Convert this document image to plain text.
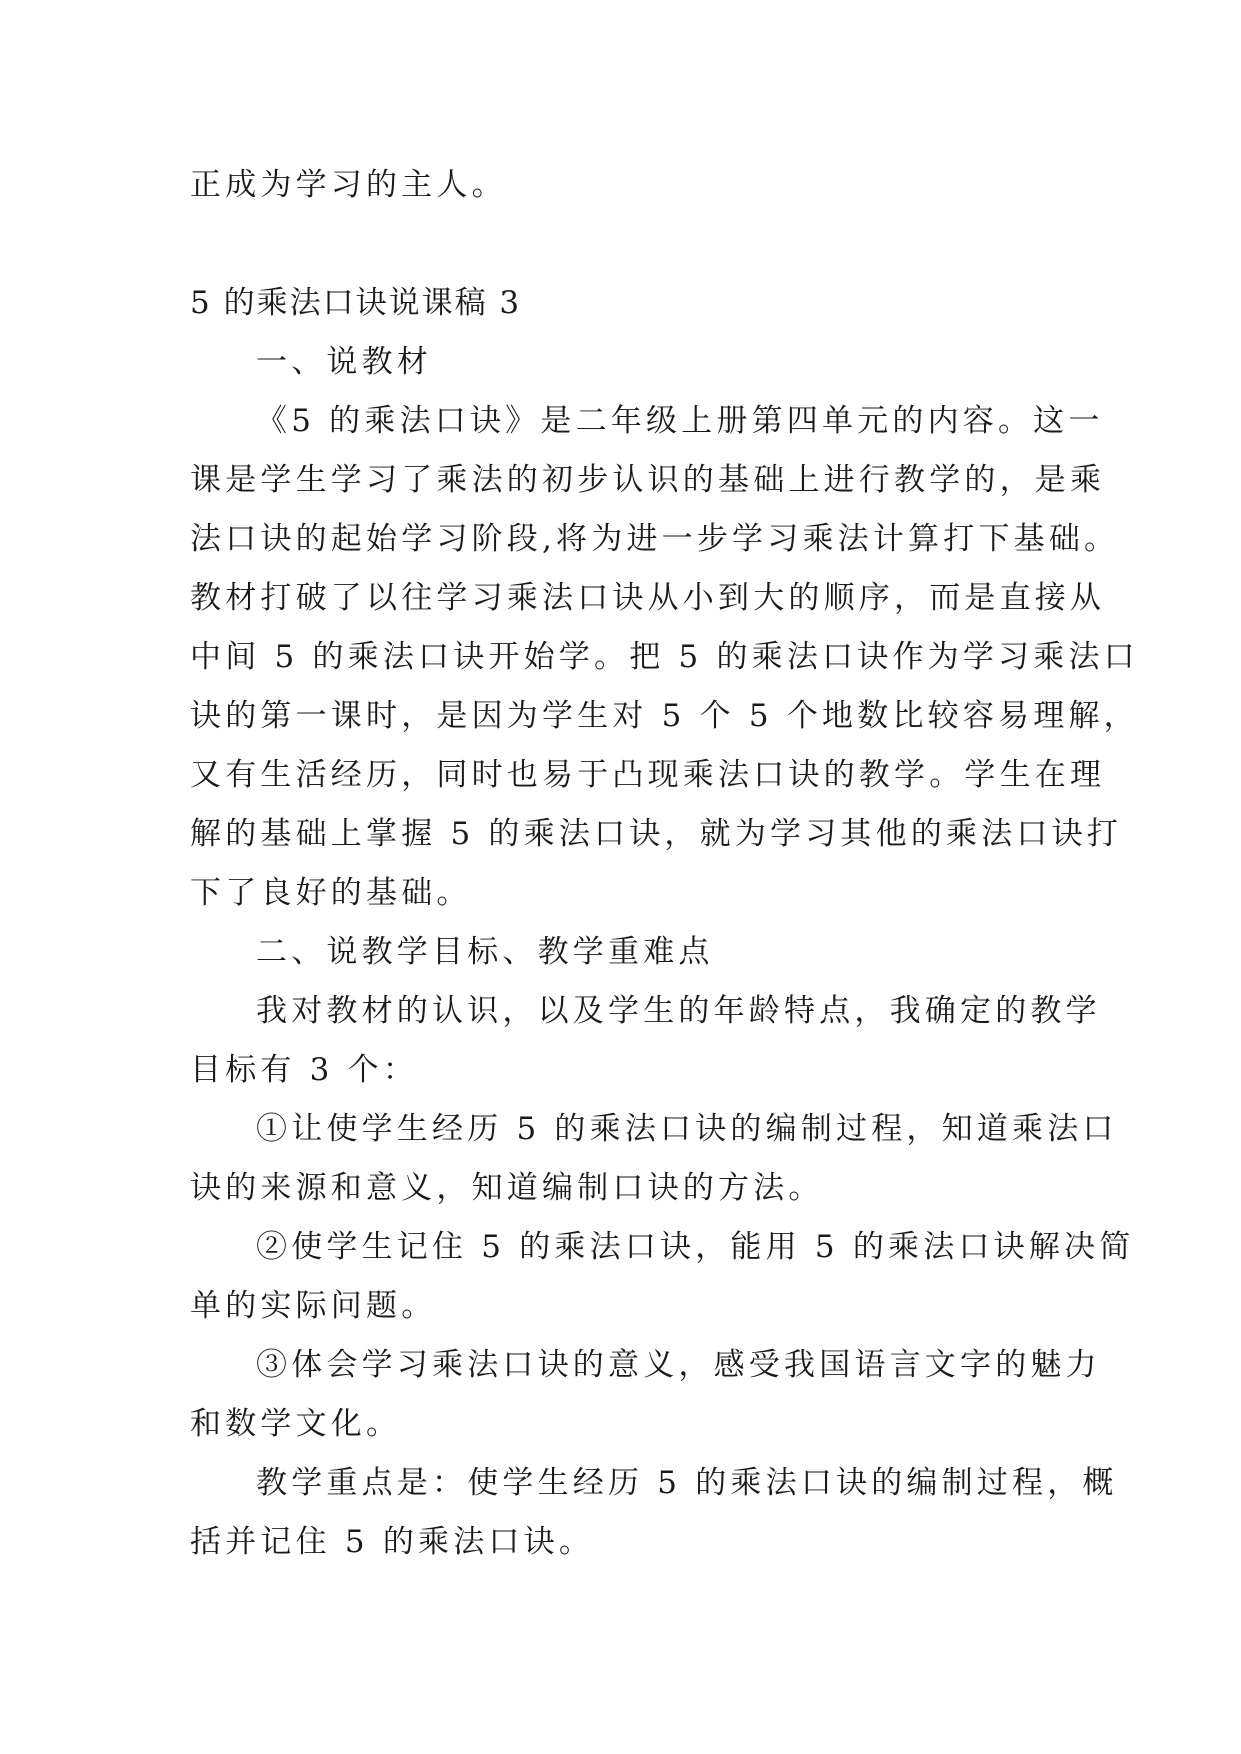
正成为学习的主人。
5 的乘法口诀说课稿 3
一、说教材
《5 的乘法口诀》是二年级上册第四单元的内容。这一
课是学生学习了乘法的初步认识的基础上进行教学的，是乘
法口诀的起始学习阶段,将为进一步学习乘法计算打下基础。
教材打破了以往学习乘法口诀从小到大的顺序，而是直接从
中间 5 的乘法口诀开始学。把 5 的乘法口诀作为学习乘法口
诀的第一课时，是因为学生对 5 个 5 个地数比较容易理解，
又有生活经历，同时也易于凸现乘法口诀的教学。学生在理
解的基础上掌握 5 的乘法口诀，就为学习其他的乘法口诀打
下了良好的基础。
二、说教学目标、教学重难点
我对教材的认识，以及学生的年龄特点，我确定的教学
目标有 3 个：
①让使学生经历 5 的乘法口诀的编制过程，知道乘法口
诀的来源和意义，知道编制口诀的方法。
②使学生记住 5 的乘法口诀，能用 5 的乘法口诀解决简
单的实际问题。
③体会学习乘法口诀的意义，感受我国语言文字的魅力
和数学文化。
教学重点是：使学生经历 5 的乘法口诀的编制过程，概
括并记住 5 的乘法口诀。
